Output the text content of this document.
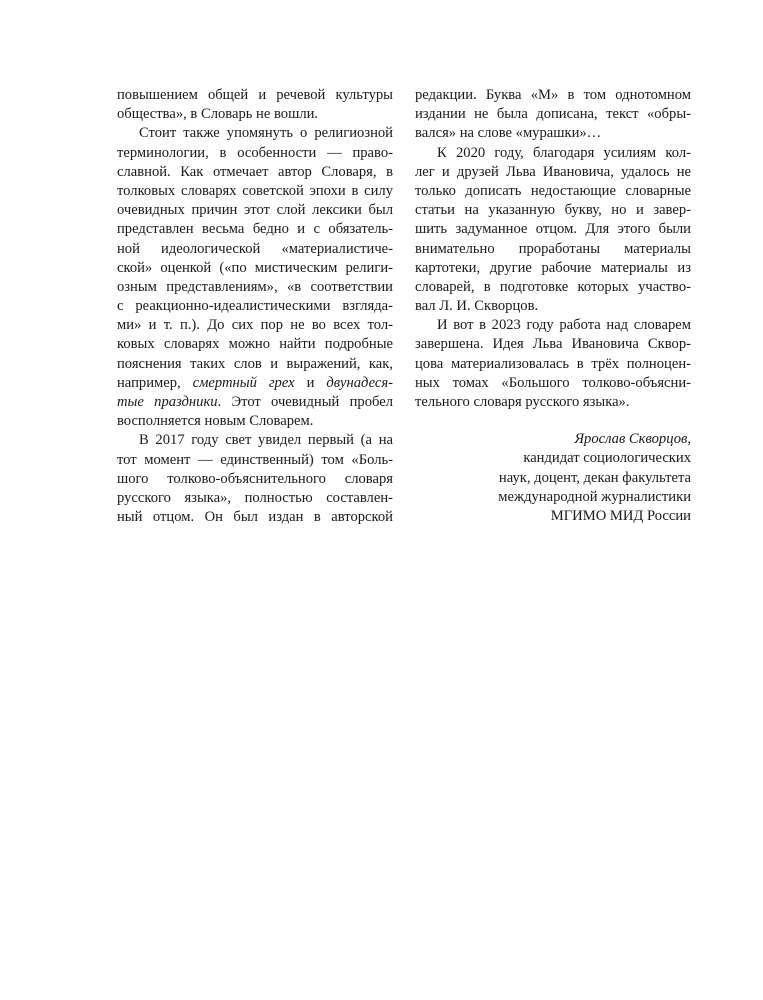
повышением общей и речевой культуры
общества», в Словарь не вошли.
Стоит также упомянуть о религиозной
терминологии, в особенности — право-
славной. Как отмечает автор Словаря, в
толковых словарях советской эпохи в силу
очевидных причин этот слой лексики был
представлен весьма бедно и с обязатель-
ной идеологической «материалистиче-
ской» оценкой («по мистическим религи-
озным представлениям», «в соответствии
с реакционно-идеалистическими взгляда-
ми» и т. п.). До сих пор не во всех тол-
ковых словарях можно найти подробные
пояснения таких слов и выражений, как,
например, смертный грех и двунадеся-
тые праздники. Этот очевидный пробел
восполняется новым Словарем.
В 2017 году свет увидел первый (а на
тот момент — единственный) том «Боль-
шого толково-объяснительного словаря
русского языка», полностью составлен-
ный отцом. Он был издан в авторской
редакции. Буква «М» в том однотомном
издании не была дописана, текст «обры-
вался» на слове «мурашки»…
К 2020 году, благодаря усилиям кол-
лег и друзей Льва Ивановича, удалось не
только дописать недостающие словарные
статьи на указанную букву, но и завер-
шить задуманное отцом. Для этого были
внимательно проработаны материалы
картотеки, другие рабочие материалы из
словарей, в подготовке которых участво-
вал Л. И. Скворцов.
И вот в 2023 году работа над словарем
завершена. Идея Льва Ивановича Сквор-
цова материализовалась в трёх полноцен-
ных томах «Большого толково-объясни-
тельного словаря русского языка».
Ярослав Скворцов,
кандидат социологических
наук, доцент, декан факультета
международной журналистики
МГИМО МИД России
